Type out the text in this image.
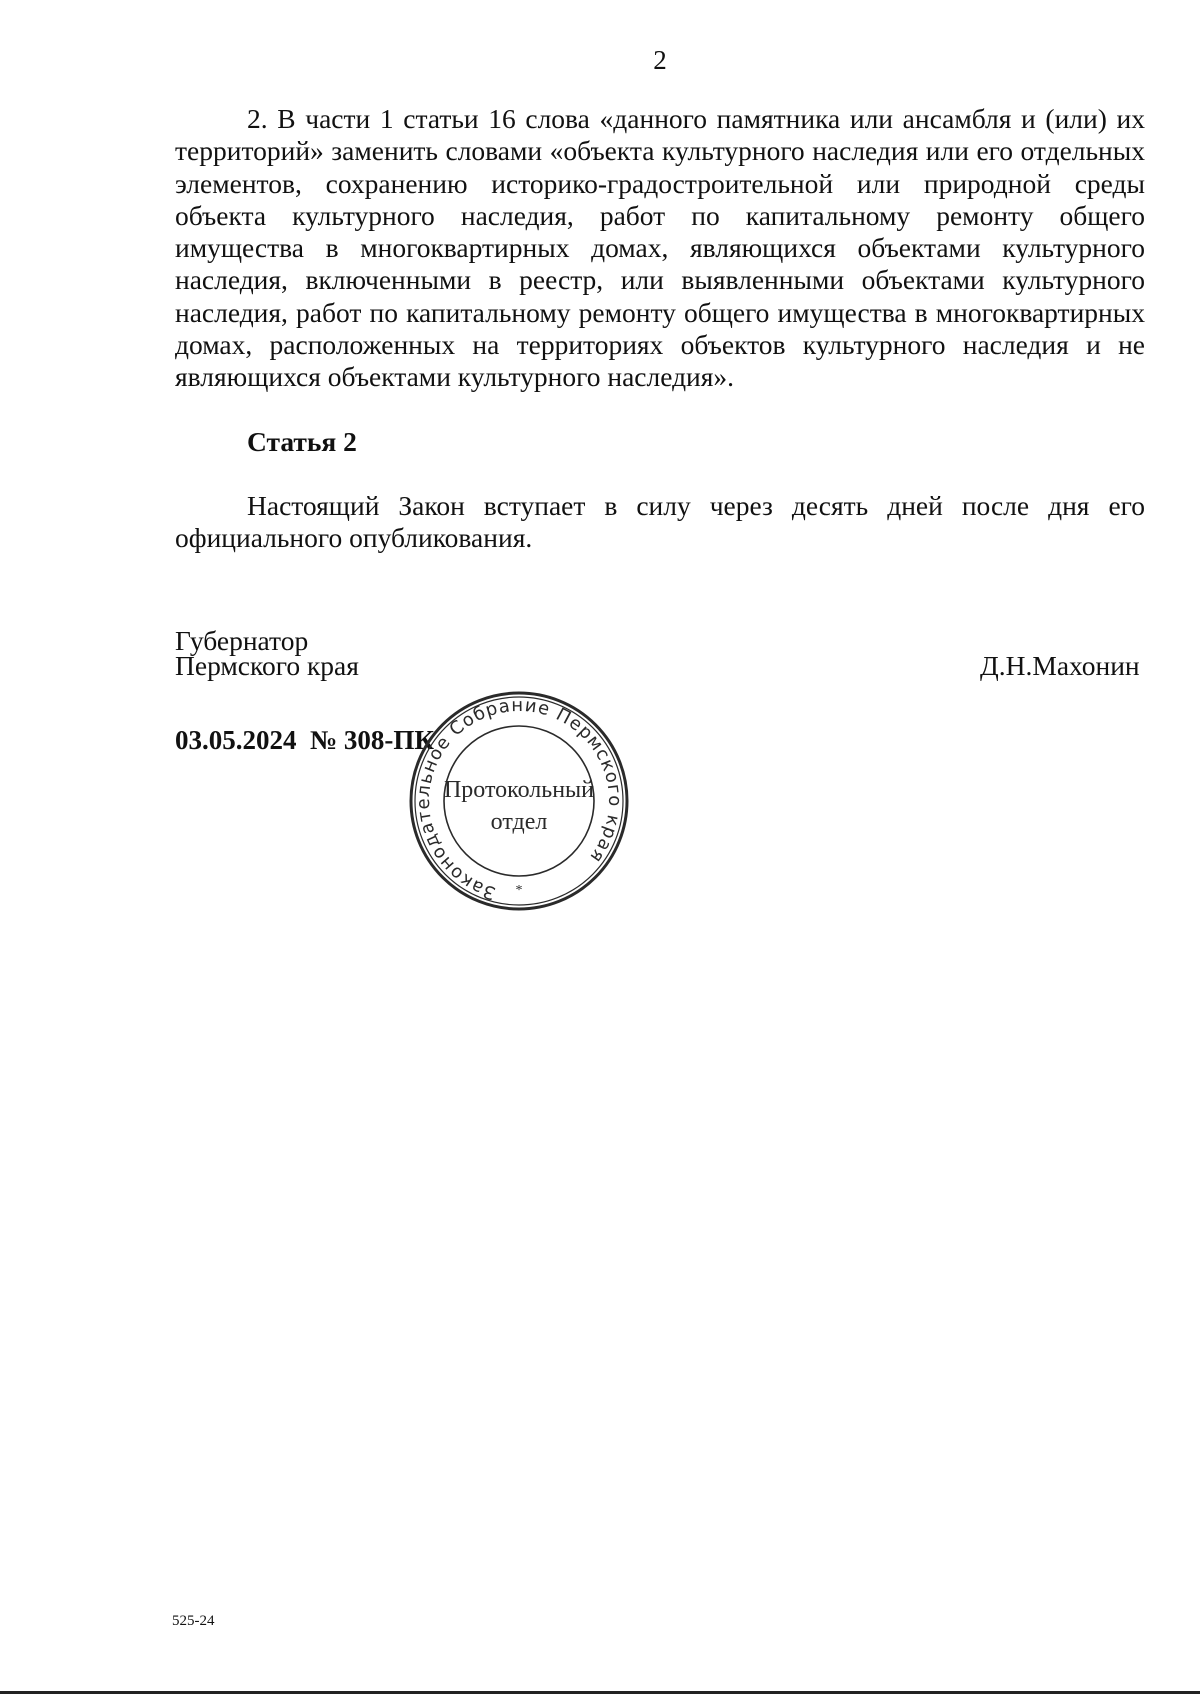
2
2. В части 1 статьи 16 слова «данного памятника или ансамбля и (или) их территорий» заменить словами «объекта культурного наследия или его отдельных элементов, сохранению историко-градостроительной или природной среды объекта культурного наследия, работ по капитальному ремонту общего имущества в многоквартирных домах, являющихся объектами культурного наследия, включенными в реестр, или выявленными объектами культурного наследия, работ по капитальному ремонту общего имущества в многоквартирных домах, расположенных на территориях объектов культурного наследия и не являющихся объектами культурного наследия».
Статья 2
Настоящий Закон вступает в силу через десять дней после дня его официального опубликования.
Губернатор
Пермского края	Д.Н.Махонин
03.05.2024 № 308-ПК
Законодательное Собрание Пермского края
*
Протокольный
отдел
525-24
